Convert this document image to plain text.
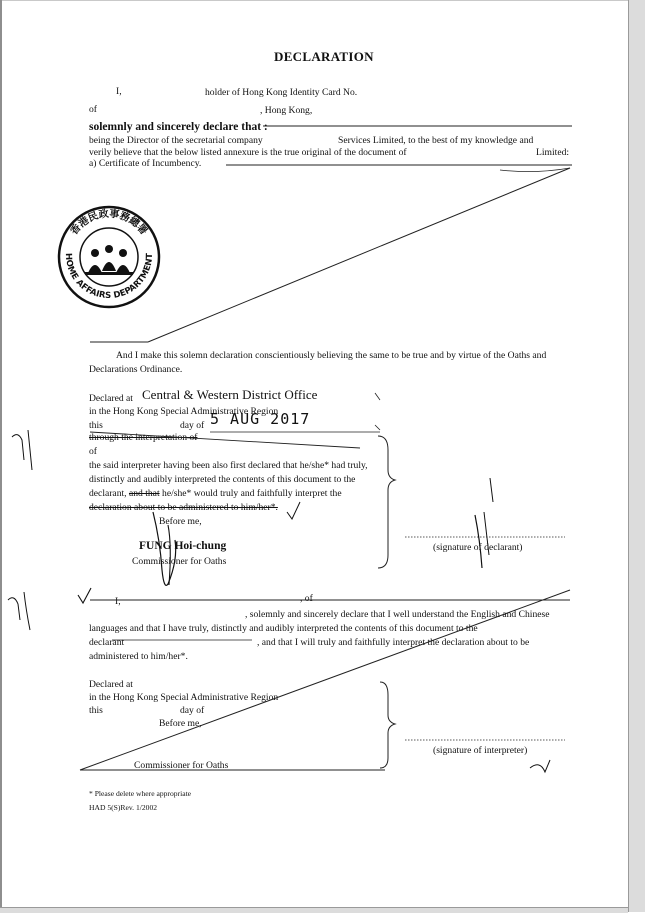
DECLARATION
I,	holder of Hong Kong Identity Card No.
of	, Hong Kong,
solemnly and sincerely declare that :
being the Director of the secretarial company	Services Limited, to the best of my knowledge and
verily believe that the below listed annexure is the true original of the document of	Limited:
a) Certificate of Incumbency.
香港民政事務總署
HOME AFFAIRS DEPARTMENT
And I make this solemn declaration conscientiously believing the same to be true and by virtue of the Oaths and
Declarations Ordinance.
Declared at Central & Western District Office
in the Hong Kong Special Administrative Region
this	day of 5 AUG 2017
through the interpretation of
of
the said interpreter having been also first declared that he/she* had truly,
distinctly and audibly interpreted the contents of this document to the
declarant, and that he/she* would truly and faithfully interpret the
declaration about to be administered to him/her*.
Before me,
FUNG Hoi-chung
Commissioner for Oaths
(signature of declarant)
I,	, of
, solemnly and sincerely declare that I well understand the English and Chinese
languages and that I have truly, distinctly and audibly interpreted the contents of this document to the
declarant	, and that I will truly and faithfully interpret the declaration about to be
administered to him/her*.
Declared at
in the Hong Kong Special Administrative Region
this	day of
Before me,
Commissioner for Oaths
(signature of interpreter)
* Please delete where appropriate
HAD 5(S)Rev. 1/2002
